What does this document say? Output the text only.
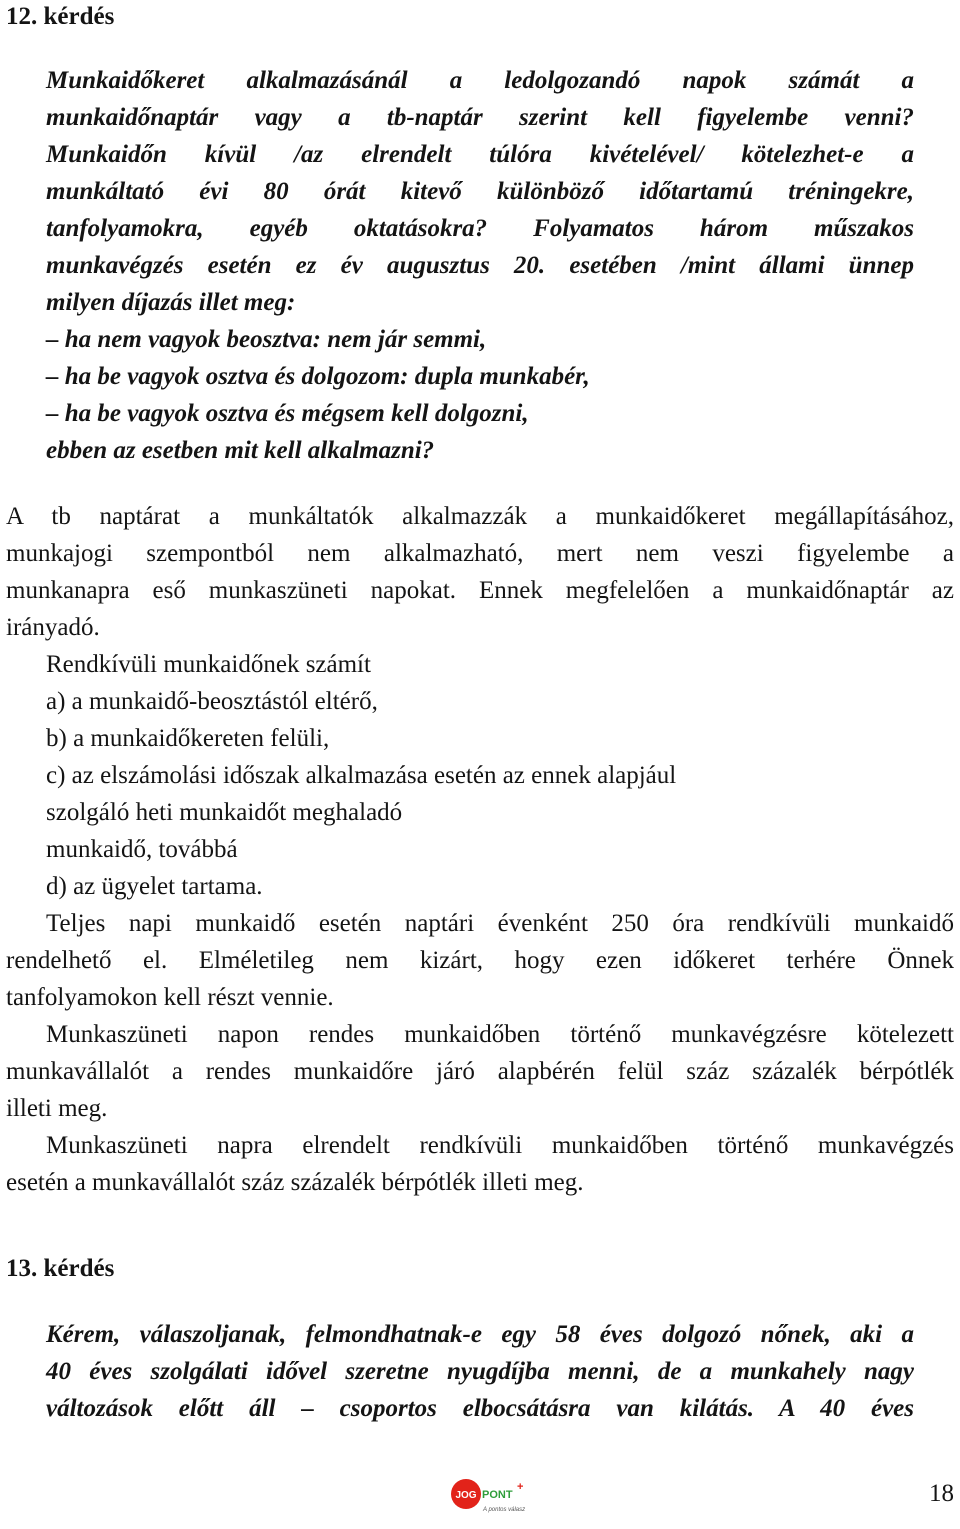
12. kérdés
Munkaidőkeret alkalmazásánál a ledolgozandó napok számát a
munkaidőnaptár vagy a tb-naptár szerint kell figyelembe venni?
Munkaidőn kívül /az elrendelt túlóra kivételével/ kötelezhet-e a
munkáltató évi 80 órát kitevő különböző időtartamú tréningekre,
tanfolyamokra, egyéb oktatásokra? Folyamatos három műszakos
munkavégzés esetén ez év augusztus 20. esetében /mint állami ünnep
milyen díjazás illet meg:
– ha nem vagyok beosztva: nem jár semmi,
– ha be vagyok osztva és dolgozom: dupla munkabér,
– ha be vagyok osztva és mégsem kell dolgozni,
ebben az esetben mit kell alkalmazni?
A tb naptárat a munkáltatók alkalmazzák a munkaidőkeret megállapításához,
munkajogi szempontból nem alkalmazható, mert nem veszi figyelembe a
munkanapra eső munkaszüneti napokat. Ennek megfelelően a munkaidőnaptár az
irányadó.
Rendkívüli munkaidőnek számít
a) a munkaidő-beosztástól eltérő,
b) a munkaidőkereten felüli,
c) az elszámolási időszak alkalmazása esetén az ennek alapjául
szolgáló heti munkaidőt meghaladó
munkaidő, továbbá
d) az ügyelet tartama.
Teljes napi munkaidő esetén naptári évenként 250 óra rendkívüli munkaidő
rendelhető el. Elméletileg nem kizárt, hogy ezen időkeret terhére Önnek
tanfolyamokon kell részt vennie.
Munkaszüneti napon rendes munkaidőben történő munkavégzésre kötelezett
munkavállalót a rendes munkaidőre járó alapbérén felül száz százalék bérpótlék
illeti meg.
Munkaszüneti napra elrendelt rendkívüli munkaidőben történő munkavégzés
esetén a munkavállalót száz százalék bérpótlék illeti meg.
13. kérdés
Kérem, válaszoljanak, felmondhatnak-e egy 58 éves dolgozó nőnek, aki a
40 éves szolgálati idővel szeretne nyugdíjba menni, de a munkahely nagy
változások előtt áll – csoportos elbocsátásra van kilátás. A 40 éves
JOG PONT
+
A pontos válasz
18
